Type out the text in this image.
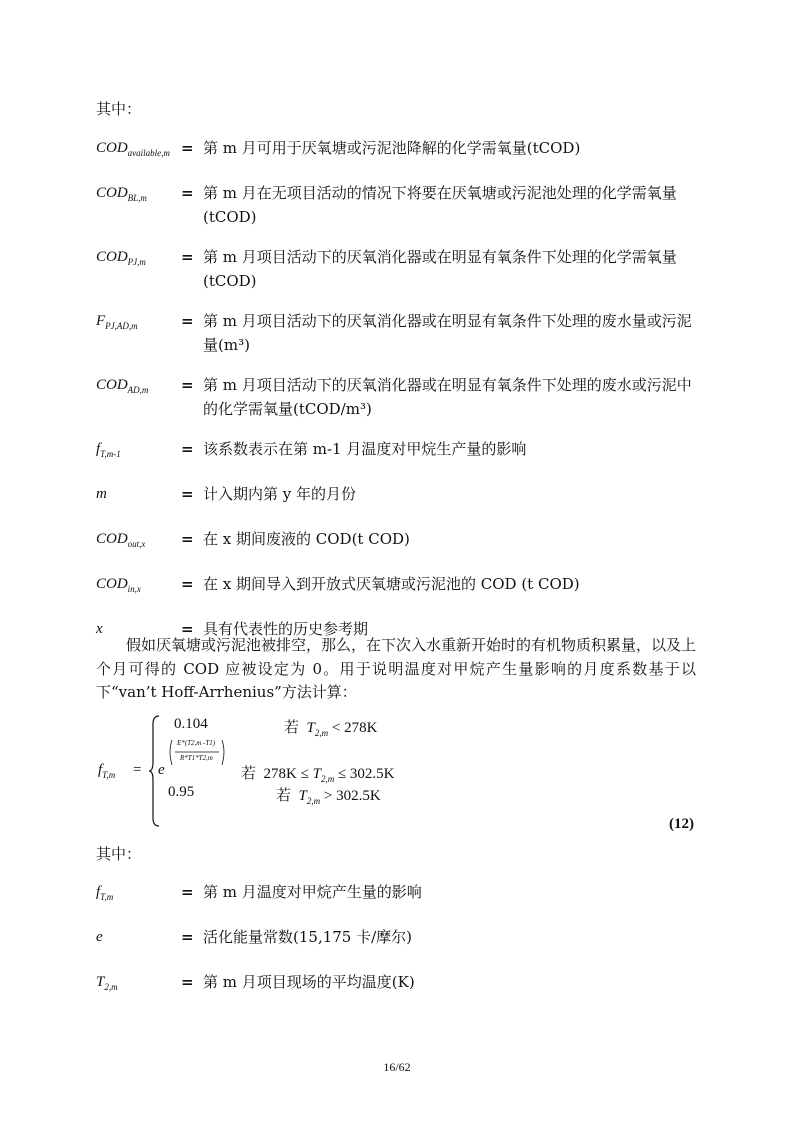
其中：
$COD_{available,m}$ = 第 m 月可用于厌氧塘或污泥池降解的化学需氧量(tCOD)
$COD_{BL,m}$	= 第 m 月在无项目活动的情况下将要在厌氧塘或污泥池处理的化学需氧量(tCOD)
$COD_{PJ,m}$	= 第 m 月项目活动下的厌氧消化器或在明显有氧条件下处理的化学需氧量(tCOD)
$F_{PJ,AD,m}$	= 第 m 月项目活动下的厌氧消化器或在明显有氧条件下处理的废水量或污泥量(m³)
$COD_{AD,m}$	= 第 m 月项目活动下的厌氧消化器或在明显有氧条件下处理的废水或污泥中的化学需氧量(tCOD/m³)
$f_{T,m-1}$	= 该系数表示在第 m-1 月温度对甲烷生产量的影响
m	= 计入期内第 y 年的月份
$COD_{out,x}$	= 在 x 期间废液的 COD(t COD)
$COD_{in,x}$	= 在 x 期间导入到开放式厌氧塘或污泥池的 COD (t COD)
x	= 具有代表性的历史参考期
假如厌氧塘或污泥池被排空，那么，在下次入水重新开始时的有机物质积累量，以及上个月可得的 COD 应被设定为 0。用于说明温度对甲烷产生量影响的月度系数基于以下“van’t Hoff-Arrhenius”方法计算：
$f_{T,m}$ =
0.104	若 $T_{2,m} < 278K$
e
E*(T2,m -T1)
R*T1*T2,m
若 $278K \le T_{2,m} \le 302.5K$
0.95	若 $T_{2,m} > 302.5K$
(12)
其中：
$f_{T,m}$	= 第 m 月温度对甲烷产生量的影响
e	= 活化能量常数(15,175 卡/摩尔)
$T_{2,m}$	= 第 m 月项目现场的平均温度(K)
16/62
